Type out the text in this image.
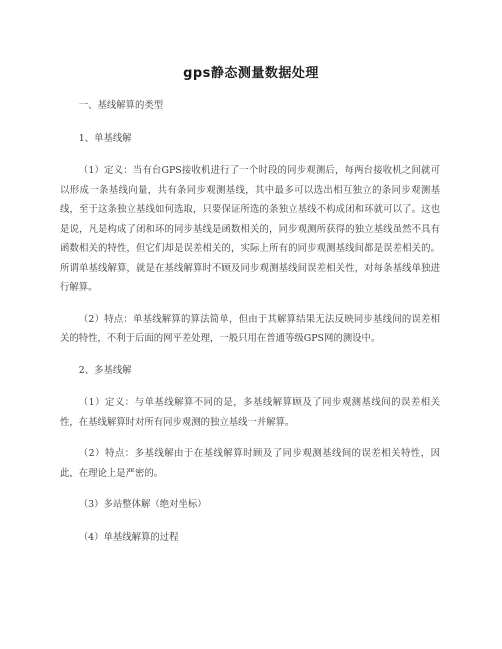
gps静态测量数据处理

一、基线解算的类型

1、单基线解

（1）定义：当有台GPS接收机进行了一个时段的同步观测后，每两台接收机之间就可以形成一条基线向量，共有条同步观测基线，其中最多可以选出相互独立的条同步观测基线，至于这条独立基线如何选取，只要保证所选的条独立基线不构成闭和环就可以了。这也是说，凡是构成了闭和环的同步基线是函数相关的，同步观测所获得的独立基线虽然不具有函数相关的特性，但它们却是误差相关的，实际上所有的同步观测基线间都是误差相关的。所谓单基线解算，就是在基线解算时不顾及同步观测基线间误差相关性，对每条基线单独进行解算。

（2）特点：单基线解算的算法简单，但由于其解算结果无法反映同步基线间的误差相关的特性，不利于后面的网平差处理，一般只用在普通等级GPS网的测设中。

2、多基线解

（1）定义：与单基线解算不同的是，多基线解算顾及了同步观测基线间的误差相关性，在基线解算时对所有同步观测的独立基线一并解算。

（2）特点：多基线解由于在基线解算时顾及了同步观测基线间的误差相关特性，因此，在理论上是严密的。

（3）多站整体解（绝对坐标）

（4）单基线解算的过程
